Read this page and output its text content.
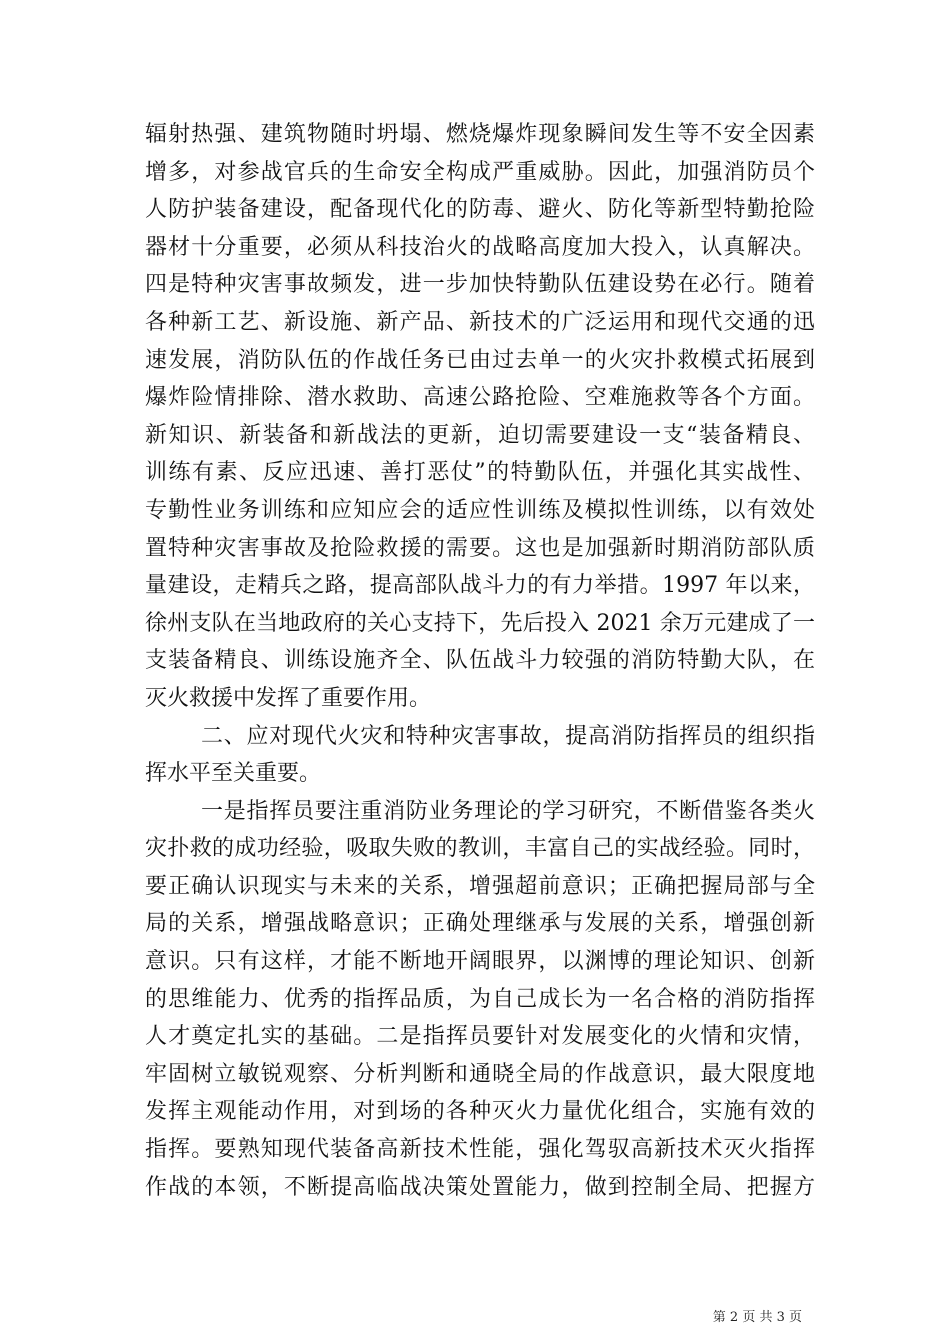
辐射热强、建筑物随时坍塌、燃烧爆炸现象瞬间发生等不安全因素
增多，对参战官兵的生命安全构成严重威胁。因此，加强消防员个
人防护装备建设，配备现代化的防毒、避火、防化等新型特勤抢险
器材十分重要，必须从科技治火的战略高度加大投入，认真解决。
四是特种灾害事故频发，进一步加快特勤队伍建设势在必行。随着
各种新工艺、新设施、新产品、新技术的广泛运用和现代交通的迅
速发展，消防队伍的作战任务已由过去单一的火灾扑救模式拓展到
爆炸险情排除、潜水救助、高速公路抢险、空难施救等各个方面。
新知识、新装备和新战法的更新，迫切需要建设一支“装备精良、
训练有素、反应迅速、善打恶仗”的特勤队伍，并强化其实战性、
专勤性业务训练和应知应会的适应性训练及模拟性训练，以有效处
置特种灾害事故及抢险救援的需要。这也是加强新时期消防部队质
量建设，走精兵之路，提高部队战斗力的有力举措。1997 年以来，
徐州支队在当地政府的关心支持下，先后投入 2021 余万元建成了一
支装备精良、训练设施齐全、队伍战斗力较强的消防特勤大队，在
灭火救援中发挥了重要作用。
二、应对现代火灾和特种灾害事故，提高消防指挥员的组织指
挥水平至关重要。
一是指挥员要注重消防业务理论的学习研究，不断借鉴各类火
灾扑救的成功经验，吸取失败的教训，丰富自己的实战经验。同时，
要正确认识现实与未来的关系，增强超前意识；正确把握局部与全
局的关系，增强战略意识；正确处理继承与发展的关系，增强创新
意识。只有这样，才能不断地开阔眼界，以渊博的理论知识、创新
的思维能力、优秀的指挥品质，为自己成长为一名合格的消防指挥
人才奠定扎实的基础。二是指挥员要针对发展变化的火情和灾情，
牢固树立敏锐观察、分析判断和通晓全局的作战意识，最大限度地
发挥主观能动作用，对到场的各种灭火力量优化组合，实施有效的
指挥。要熟知现代装备高新技术性能，强化驾驭高新技术灭火指挥
作战的本领，不断提高临战决策处置能力，做到控制全局、把握方
第 2 页 共 3 页
